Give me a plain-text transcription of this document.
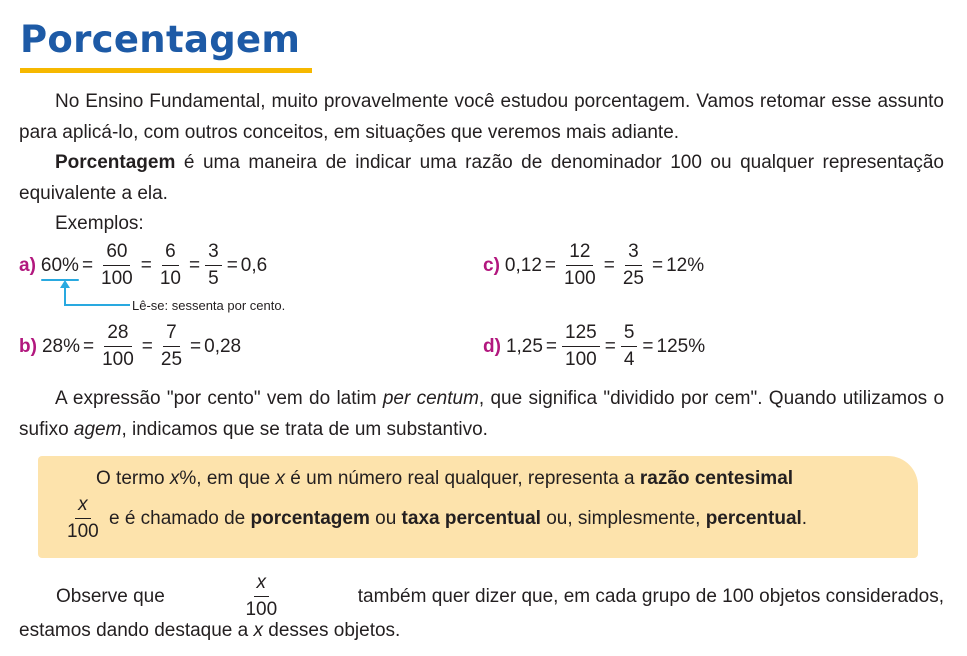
Porcentagem

No Ensino Fundamental, muito provavelmente você estudou porcentagem. Vamos retomar esse assunto para aplicá-lo, com outros conceitos, em situações que veremos mais adiante.

Porcentagem é uma maneira de indicar uma razão de denominador 100 ou qualquer representação equivalente a ela.

Exemplos:

a) $60\% = \frac{60}{100} = \frac{6}{10} = \frac{3}{5} = 0,6$
Lê-se: sessenta por cento.
b) $28\% = \frac{28}{100} = \frac{7}{25} = 0,28$
c) $0,12 = \frac{12}{100} = \frac{3}{25} = 12\%$
d) $1,25 = \frac{125}{100} = \frac{5}{4} = 125\%$

A expressão "por cento" vem do latim per centum, que significa "dividido por cem". Quando utilizamos o sufixo agem, indicamos que se trata de um substantivo.

O termo x%, em que x é um número real qualquer, representa a razão centesimal
$\frac{x}{100}$ e é chamado de porcentagem ou taxa percentual ou, simplesmente, percentual .
Observe que	$\frac{x}{100}$	também quer dizer que, em cada grupo de 100 objetos considerados,
estamos dando destaque a x desses objetos.
